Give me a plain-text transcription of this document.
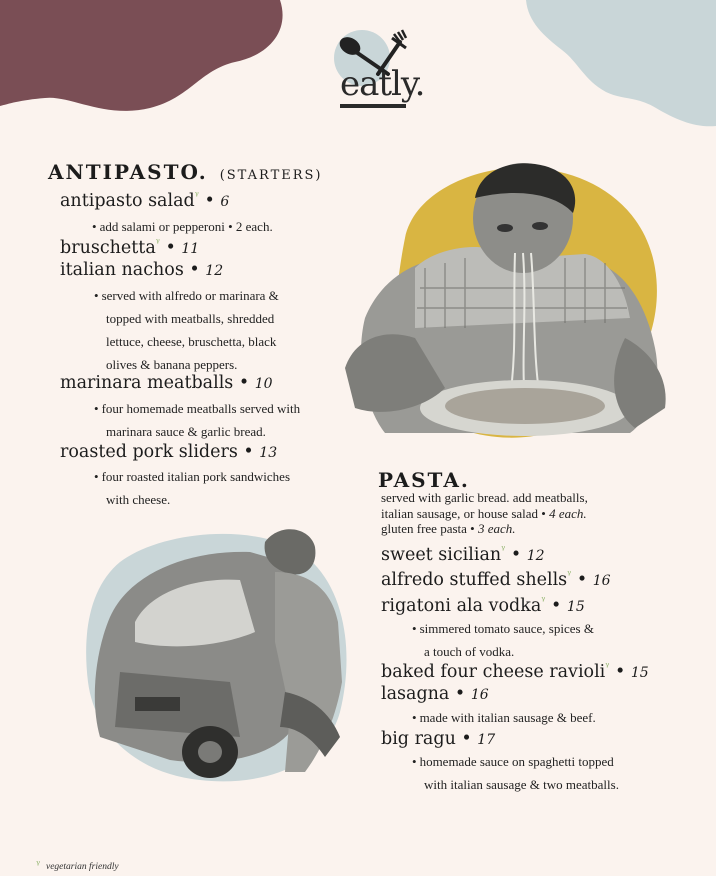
eatly.
ANTIPASTO. (STARTERS)
antipasto salad$^ᵞ$ • 6
• add salami or pepperoni • 2 each.
bruschetta$^ᵞ$ • 11
italian nachos • 12
• served with alfredo or marinara &
topped with meatballs, shredded
lettuce, cheese, bruschetta, black
olives & banana peppers.
marinara meatballs • 10
• four homemade meatballs served with
marinara sauce & garlic bread.
roasted pork sliders • 13
• four roasted italian pork sandwiches
with cheese.
PASTA.
served with garlic bread. add meatballs,
italian sausage, or house salad • 4 each.
gluten free pasta • 3 each.
sweet sicilian$^ᵞ$ • 12
alfredo stuffed shells$^ᵞ$ • 16
rigatoni ala vodka$^ᵞ$ • 15
• simmered tomato sauce, spices &
a touch of vodka.
baked four cheese ravioli$^ᵞ$ • 15
lasagna • 16
• made with italian sausage & beef.
big ragu • 17
• homemade sauce on spaghetti topped
with italian sausage & two meatballs.
ᵞ vegetarian friendly
